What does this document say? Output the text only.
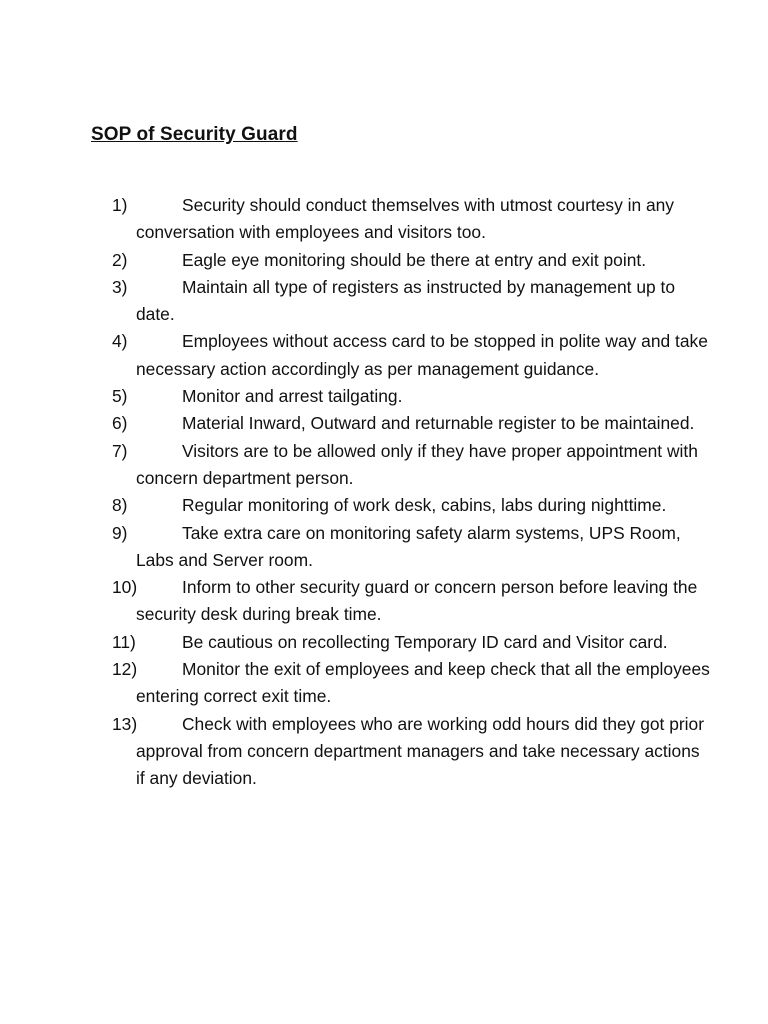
SOP of Security Guard
1)	Security should conduct themselves with utmost courtesy in any conversation with employees and visitors too.
2)	Eagle eye monitoring should be there at entry and exit point.
3)	Maintain all type of registers as instructed by management up to date.
4)	Employees without access card to be stopped in polite way and take necessary action accordingly as per management guidance.
5)	Monitor and arrest tailgating.
6)	Material Inward, Outward and returnable register to be maintained.
7)	Visitors are to be allowed only if they have proper appointment with concern department person.
8)	Regular monitoring of work desk, cabins, labs during nighttime.
9)	Take extra care on monitoring safety alarm systems, UPS Room, Labs and Server room.
10)	Inform to other security guard or concern person before leaving the security desk during break time.
11)	Be cautious on recollecting Temporary ID card and Visitor card.
12)	Monitor the exit of employees and keep check that all the employees entering correct exit time.
13)	Check with employees who are working odd hours did they got prior approval from concern department managers and take necessary actions if any deviation.
